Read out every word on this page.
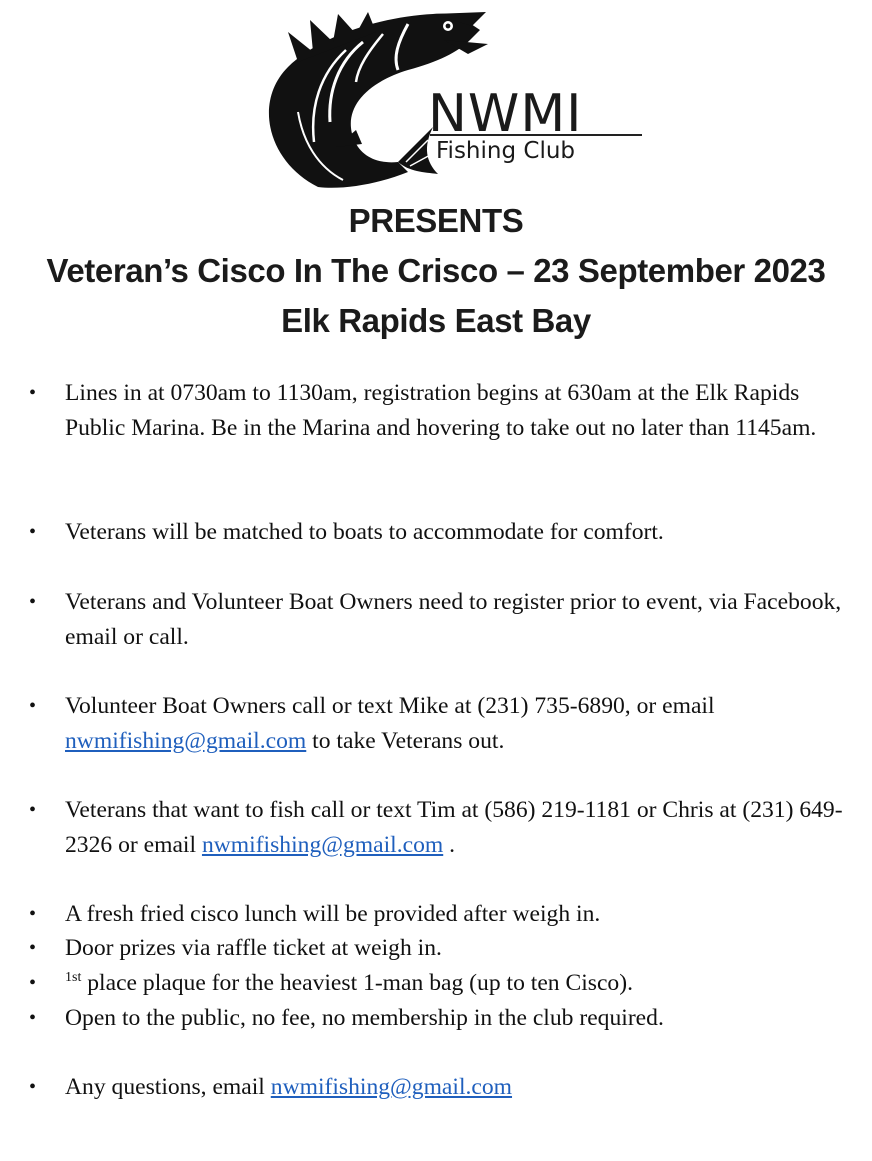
NWMI
Fishing Club
PRESENTS
Veteran’s Cisco In The Crisco – 23 September 2023
Elk Rapids East Bay
• Lines in at 0730am to 1130am, registration begins at 630am at the Elk Rapids Public Marina. Be in the Marina and hovering to take out no later than 1145am.
• Veterans will be matched to boats to accommodate for comfort.
• Veterans and Volunteer Boat Owners need to register prior to event, via Facebook, email or call.
• Volunteer Boat Owners call or text Mike at (231) 735-6890, or email nwmifishing@gmail.com to take Veterans out.
• Veterans that want to fish call or text Tim at (586) 219-1181 or Chris at (231) 649-2326 or email nwmifishing@gmail.com .
• A fresh fried cisco lunch will be provided after weigh in.
• Door prizes via raffle ticket at weigh in.
• $^{1st}$ place plaque for the heaviest 1-man bag (up to ten Cisco).
• Open to the public, no fee, no membership in the club required.
• Any questions, email nwmifishing@gmail.com
